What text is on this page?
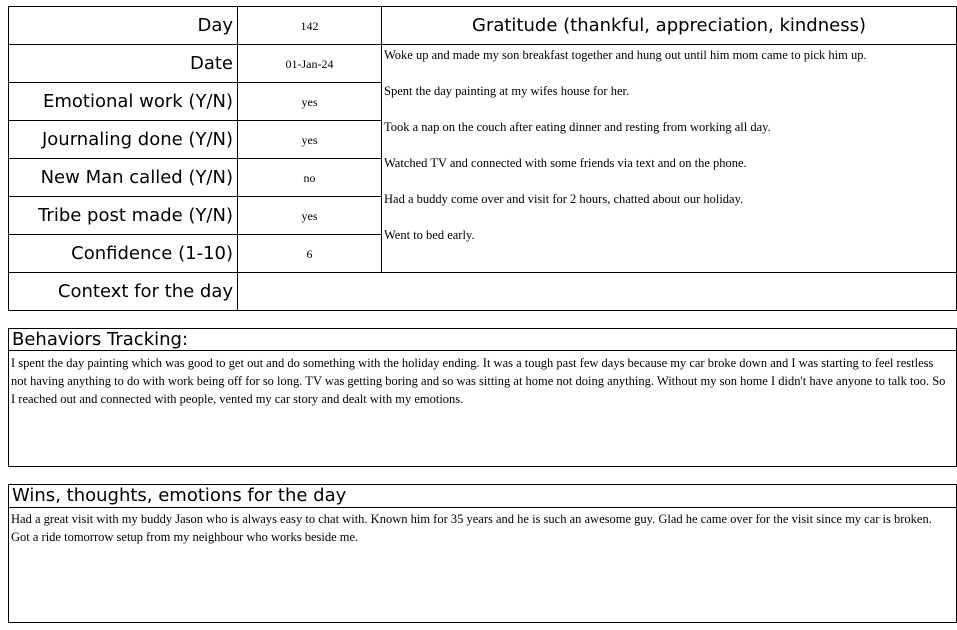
Day
Date
Emotional work (Y/N)
Journaling done (Y/N)
New Man called (Y/N)
Tribe post made (Y/N)
Confidence (1-10)
Context for the day
142
01-Jan-24
yes
yes
no
yes
6
Gratitude (thankful, appreciation, kindness)
Woke up and made my son breakfast together and hung out until him mom came to pick him up.
Spent the day painting at my wifes house for her.
Took a nap on the couch after eating dinner and resting from working all day.
Watched TV and connected with some friends via text and on the phone.
Had a buddy come over and visit for 2 hours, chatted about our holiday.
Went to bed early.
Behaviors Tracking:
I spent the day painting which was good to get out and do something with the holiday ending. It was a tough past few days because my car broke down and I was starting to feel restless not having anything to do with work being off for so long. TV was getting boring and so was sitting at home not doing anything. Without my son home I didn't have anyone to talk too. So I reached out and connected with people, vented my car story and dealt with my emotions.
Wins, thoughts, emotions for the day
Had a great visit with my buddy Jason who is always easy to chat with. Known him for 35 years and he is such an awesome guy. Glad he came over for the visit since my car is broken. Got a ride tomorrow setup from my neighbour who works beside me.
